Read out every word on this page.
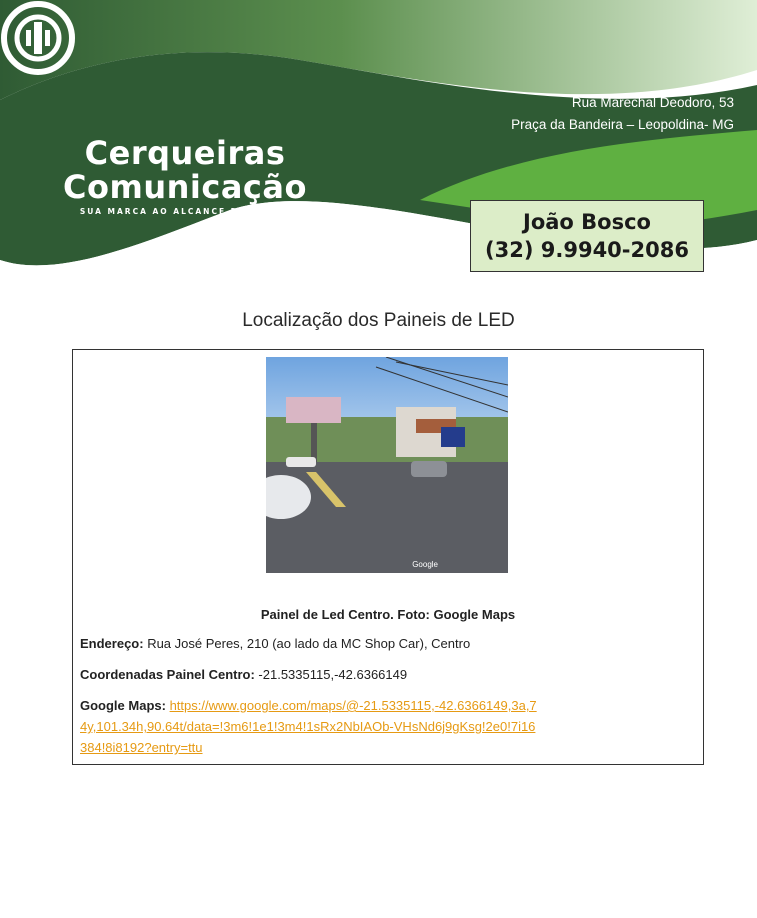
Cerqueiras
Comunicação
SUA MARCA AO ALCANCE DE TODOS
Rua Marechal Deodoro, 53
Praça da Bandeira – Leopoldina- MG
João Bosco
(32) 9.9940-2086
Localização dos Paineis de LED
Google
Painel de Led Centro. Foto: Google Maps
Endereço: Rua José Peres, 210 (ao lado da MC Shop Car), Centro
Coordenadas Painel Centro: -21.5335115,-42.6366149
Google Maps: https://www.google.com/maps/@-21.5335115,-42.6366149,3a,74y,101.34h,90.64t/data=!3m6!1e1!3m4!1sRx2NbIAOb-VHsNd6j9gKsg!2e0!7i16384!8i8192?entry=ttu
